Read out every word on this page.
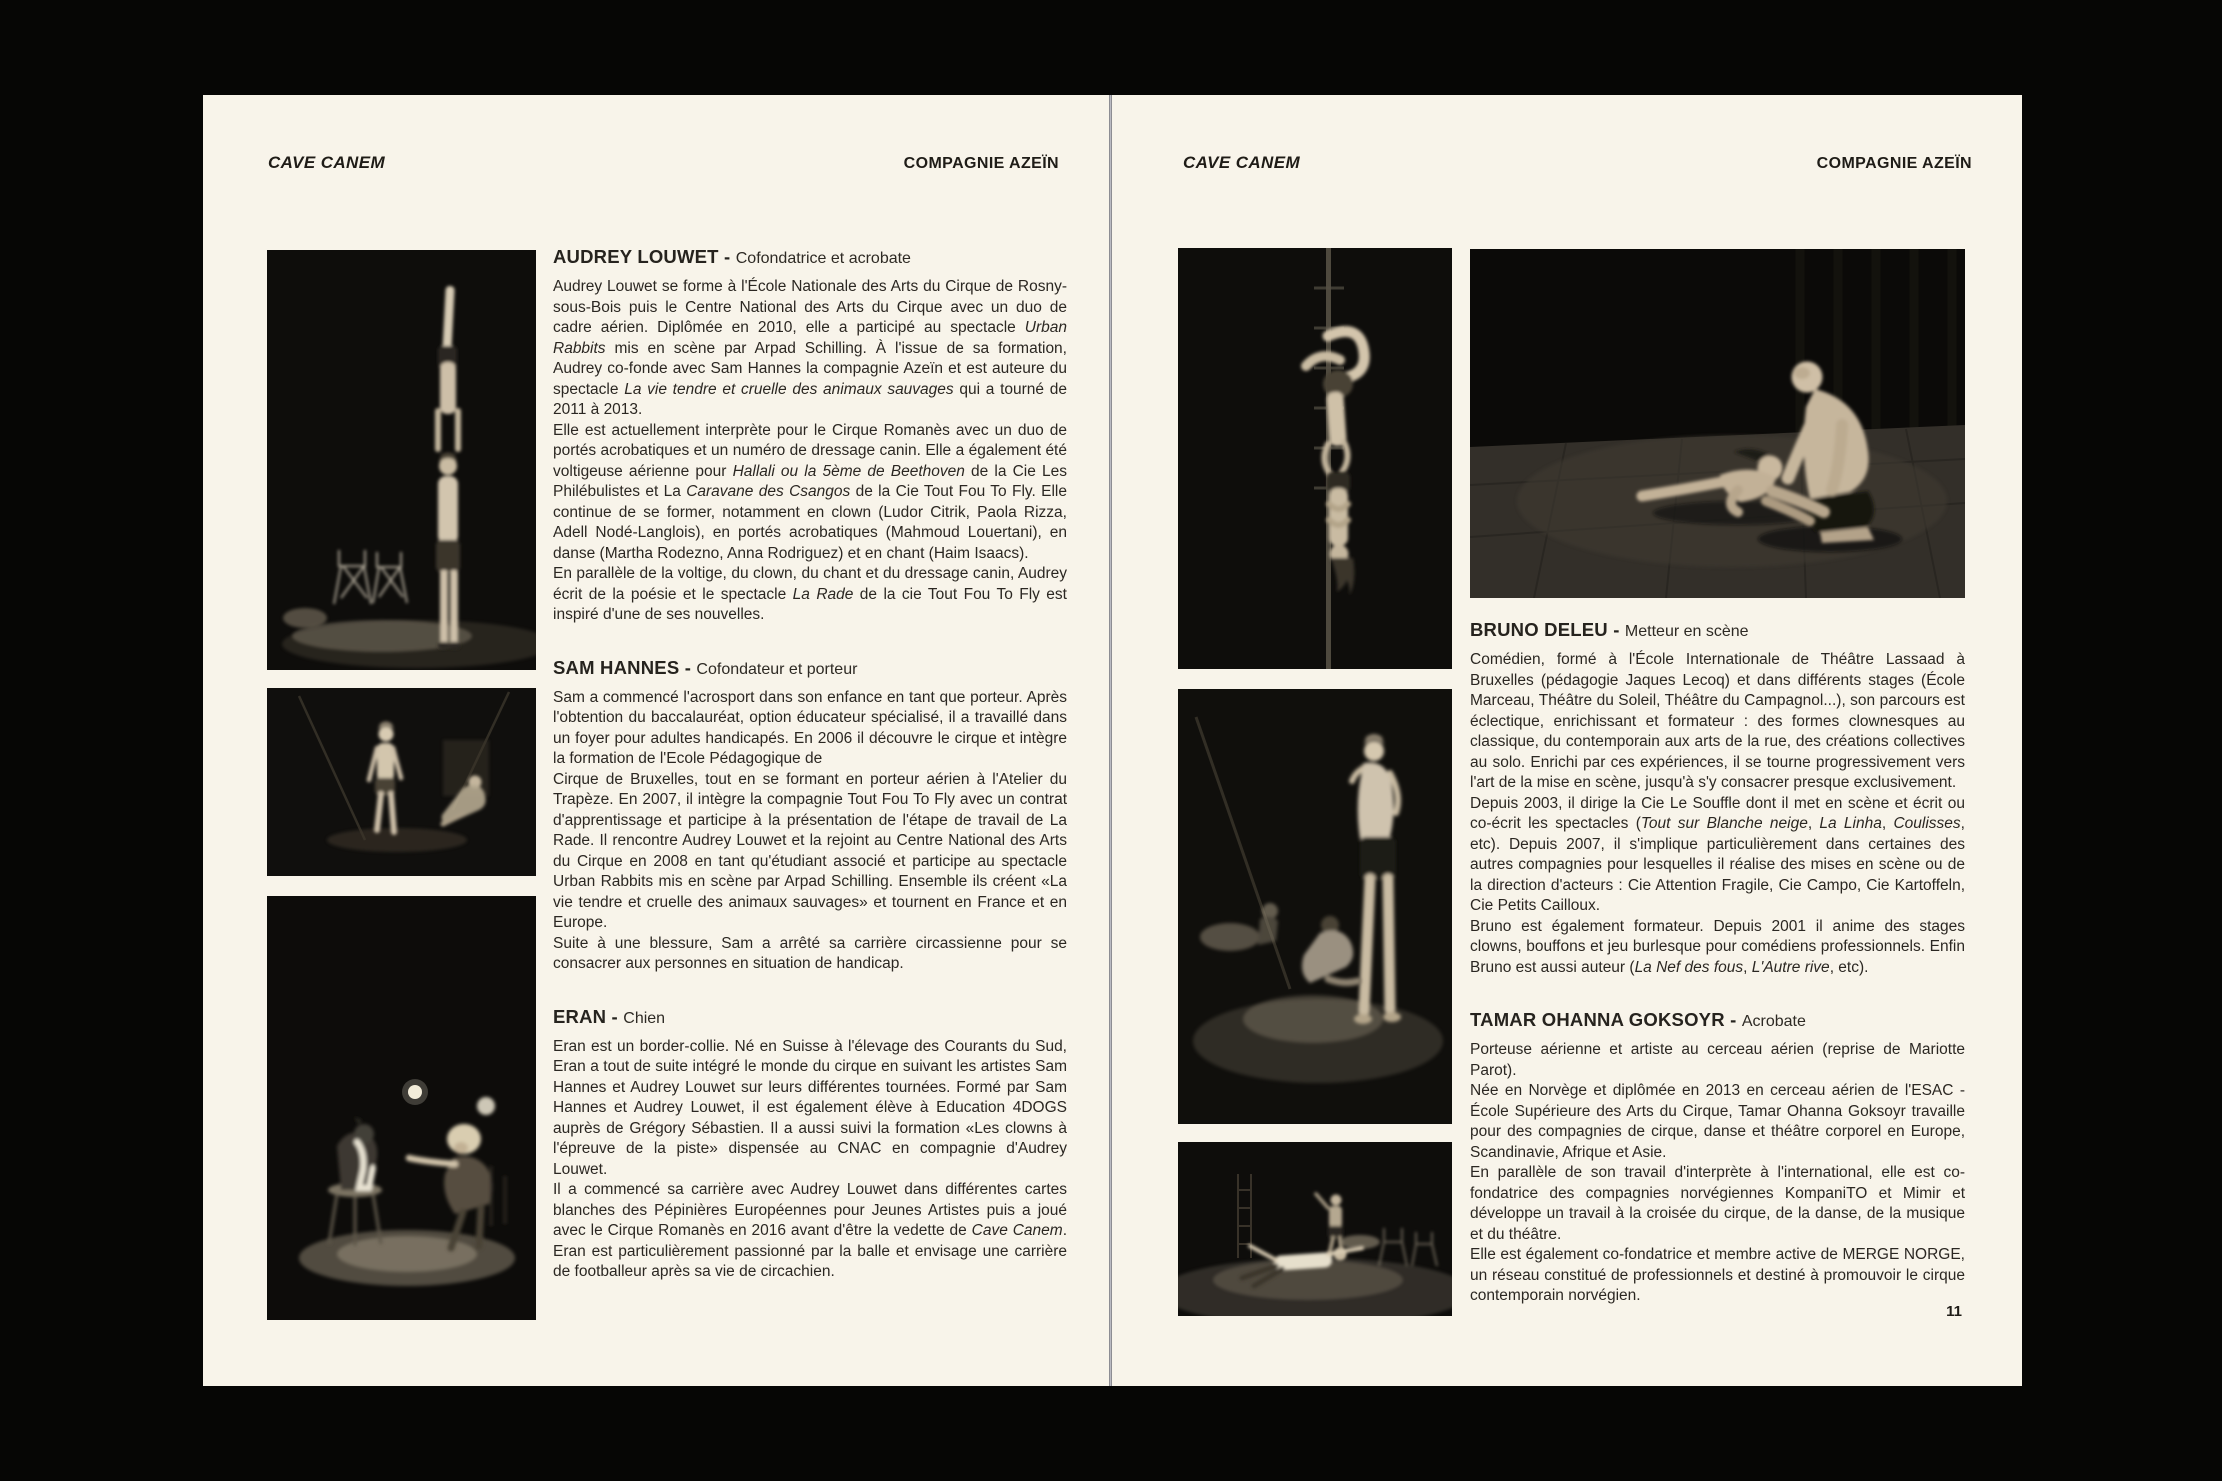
CAVE CANEM	COMPAGNIE AZEÏN
AUDREY LOUWET - Cofondatrice et acrobate

Audrey Louwet se forme à l'École Nationale des Arts du Cirque de Rosny-sous-Bois puis le Centre National des Arts du Cirque avec un duo de cadre aérien. Diplômée en 2010, elle a participé au spectacle Urban Rabbits mis en scène par Arpad Schilling. À l'issue de sa formation, Audrey co-fonde avec Sam Hannes la compagnie Azeïn et est auteure du spectacle La vie tendre et cruelle des animaux sauvages qui a tourné de 2011 à 2013.
Elle est actuellement interprète pour le Cirque Romanès avec un duo de portés acrobatiques et un numéro de dressage canin. Elle a également été voltigeuse aérienne pour Hallali ou la 5ème de Beethoven de la Cie Les Philébulistes et La Caravane des Csangos de la Cie Tout Fou To Fly. Elle continue de se former, notamment en clown (Ludor Citrik, Paola Rizza, Adell Nodé-Langlois), en portés acrobatiques (Mahmoud Louertani), en danse (Martha Rodezno, Anna Rodriguez) et en chant (Haim Isaacs).
En parallèle de la voltige, du clown, du chant et du dressage canin, Audrey écrit de la poésie et le spectacle La Rade de la cie Tout Fou To Fly est inspiré d'une de ses nouvelles.

SAM HANNES - Cofondateur et porteur

Sam a commencé l'acrosport dans son enfance en tant que porteur. Après l'obtention du baccalauréat, option éducateur spécialisé, il a travaillé dans un foyer pour adultes handicapés. En 2006 il découvre le cirque et intègre la formation de l'Ecole Pédagogique de
Cirque de Bruxelles, tout en se formant en porteur aérien à l'Atelier du Trapèze. En 2007, il intègre la compagnie Tout Fou To Fly avec un contrat d'apprentissage et participe à la présentation de l'étape de travail de La Rade. Il rencontre Audrey Louwet et la rejoint au Centre National des Arts du Cirque en 2008 en tant qu'étudiant associé et participe au spectacle Urban Rabbits mis en scène par Arpad Schilling. Ensemble ils créent «La vie tendre et cruelle des animaux sauvages» et tournent en France et en Europe.
Suite à une blessure, Sam a arrêté sa carrière circassienne pour se consacrer aux personnes en situation de handicap.

ERAN - Chien

Eran est un border-collie. Né en Suisse à l'élevage des Courants du Sud, Eran a tout de suite intégré le monde du cirque en suivant les artistes Sam Hannes et Audrey Louwet sur leurs différentes tournées. Formé par Sam Hannes et Audrey Louwet, il est également élève à Education 4DOGS auprès de Grégory Sébastien. Il a aussi suivi la formation «Les clowns à l'épreuve de la piste» dispensée au CNAC en compagnie d'Audrey Louwet.
Il a commencé sa carrière avec Audrey Louwet dans différentes cartes blanches des Pépinières Européennes pour Jeunes Artistes puis a joué avec le Cirque Romanès en 2016 avant d'être la vedette de Cave Canem. Eran est particulièrement passionné par la balle et envisage une carrière de footballeur après sa vie de circachien.

CAVE CANEM	COMPAGNIE AZEÏN
BRUNO DELEU - Metteur en scène

Comédien, formé à l'École Internationale de Théâtre Lassaad à Bruxelles (pédagogie Jaques Lecoq) et dans différents stages (École Marceau, Théâtre du Soleil, Théâtre du Campagnol...), son parcours est éclectique, enrichissant et formateur : des formes clownesques au classique, du contemporain aux arts de la rue, des créations collectives au solo. Enrichi par ces expériences, il se tourne progressivement vers l'art de la mise en scène, jusqu'à s'y consacrer presque exclusivement.
Depuis 2003, il dirige la Cie Le Souffle dont il met en scène et écrit ou co-écrit les spectacles (Tout sur Blanche neige, La Linha, Coulisses, etc). Depuis 2007, il s'implique particulièrement dans certaines des autres compagnies pour lesquelles il réalise des mises en scène ou de la direction d'acteurs : Cie Attention Fragile, Cie Campo, Cie Kartoffeln, Cie Petits Cailloux.
Bruno est également formateur. Depuis 2001 il anime des stages clowns, bouffons et jeu burlesque pour comédiens professionnels. Enfin Bruno est aussi auteur (La Nef des fous, L'Autre rive, etc).

TAMAR OHANNA GOKSOYR - Acrobate

Porteuse aérienne et artiste au cerceau aérien (reprise de Mariotte Parot).
Née en Norvège et diplômée en 2013 en cerceau aérien de l'ESAC - École Supérieure des Arts du Cirque, Tamar Ohanna Goksoyr travaille pour des compagnies de cirque, danse et théâtre corporel en Europe, Scandinavie, Afrique et Asie.
En parallèle de son travail d'interprète à l'international, elle est co-fondatrice des compagnies norvégiennes KompaniTO et Mimir et développe un travail à la croisée du cirque, de la danse, de la musique et du théâtre.
Elle est également co-fondatrice et membre active de MERGE NORGE, un réseau constitué de professionnels et destiné à promouvoir le cirque contemporain norvégien.

11
